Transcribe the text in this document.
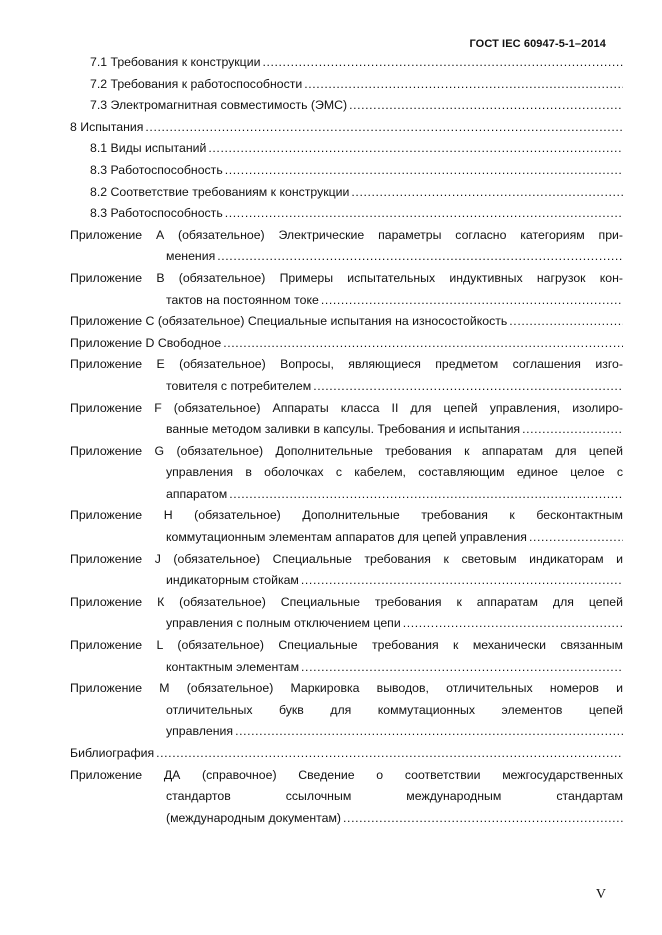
ГОСТ IEC 60947-5-1–2014
7.1 Требования к конструкции
.....
7.2 Требования к работоспособности
.....
7.3 Электромагнитная совместимость (ЭМС)
.....
8 Испытания
.....
8.1 Виды испытаний
.....
8.3 Работоспособность
.....
8.2 Соответствие требованиям к конструкции
.....
8.3 Работоспособность
.....
Приложение А (обязательное) Электрические параметры согласно категориям при-
менения
.....
Приложение В (обязательное) Примеры испытательных индуктивных нагрузок кон-
тактов на постоянном токе
.....
Приложение С (обязательное) Специальные испытания на износостойкость
.....
Приложение D Свободное
.....
Приложение Е (обязательное) Вопросы, являющиеся предметом соглашения изго-
товителя с потребителем
.....
Приложение F (обязательное) Аппараты класса II для цепей управления, изолиро-
ванные методом заливки в капсулы. Требования и испытания
.....
Приложение G (обязательное) Дополнительные требования к аппаратам для цепей
управления в оболочках с кабелем, составляющим единое целое с
аппаратом
.....
Приложение Н (обязательное) Дополнительные требования к бесконтактным
коммутационным элементам аппаратов для цепей управления
.....
Приложение J (обязательное) Специальные требования к световым индикаторам и
индикаторным стойкам
.....
Приложение К (обязательное) Специальные требования к аппаратам для цепей
управления с полным отключением цепи
.....
Приложение L (обязательное) Специальные требования к механически связанным
контактным элементам
.....
Приложение М (обязательное) Маркировка выводов, отличительных номеров и
отличительных букв для коммутационных элементов цепей
управления
.....
Библиография
.....
Приложение ДА (справочное) Сведение о соответствии межгосударственных
стандартов ссылочным международным стандартам
(международным документам)
.....
V
